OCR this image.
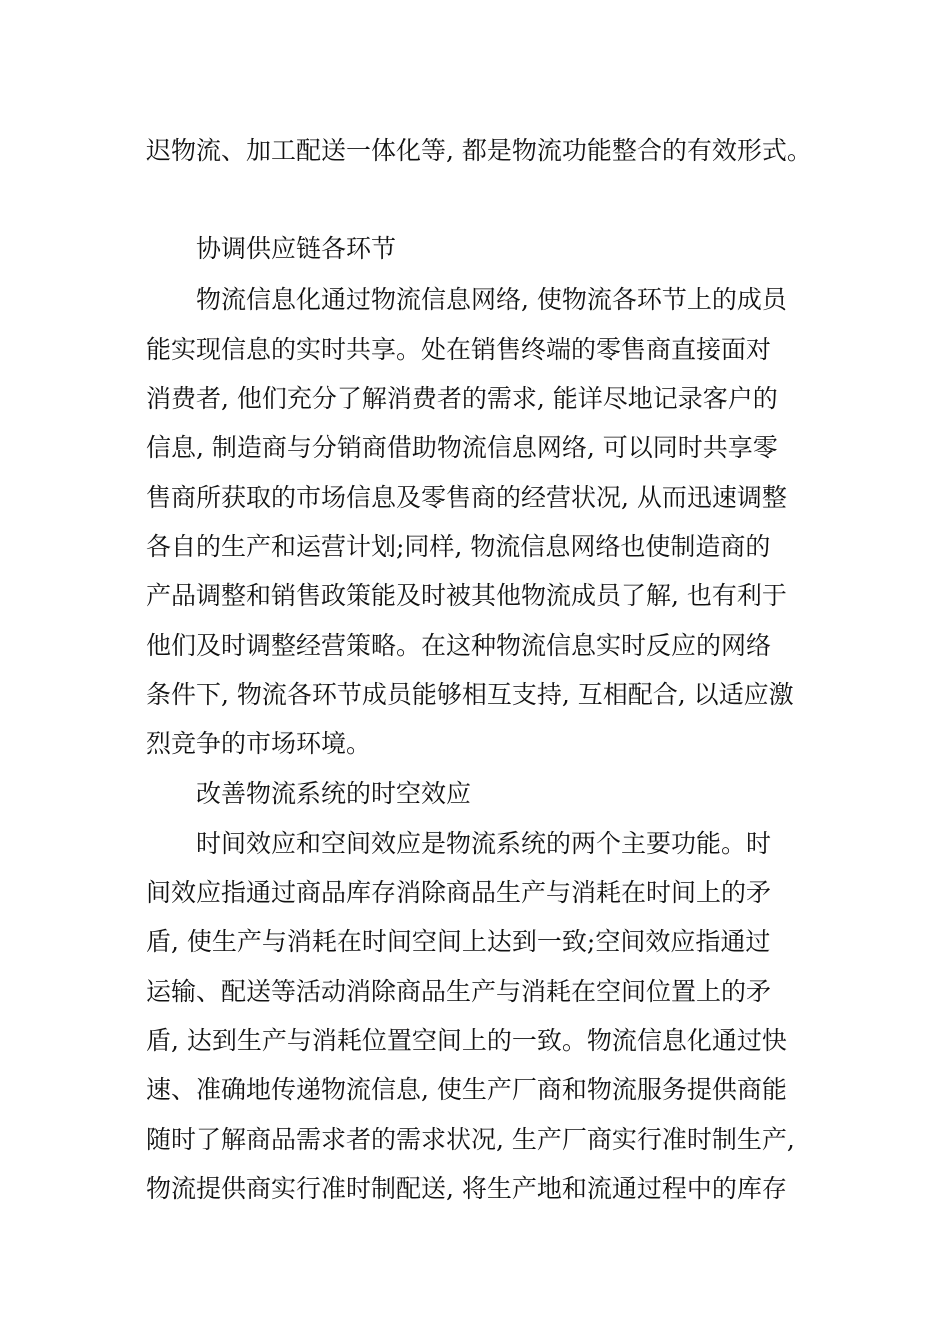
迟物流、加工配送一体化等, 都是物流功能整合的有效形式。
协调供应链各环节
物流信息化通过物流信息网络, 使物流各环节上的成员
能实现信息的实时共享。处在销售终端的零售商直接面对
消费者, 他们充分了解消费者的需求, 能详尽地记录客户的
信息, 制造商与分销商借助物流信息网络, 可以同时共享零
售商所获取的市场信息及零售商的经营状况, 从而迅速调整
各自的生产和运营计划;同样, 物流信息网络也使制造商的
产品调整和销售政策能及时被其他物流成员了解, 也有利于
他们及时调整经营策略。在这种物流信息实时反应的网络
条件下, 物流各环节成员能够相互支持, 互相配合, 以适应激
烈竞争的市场环境。
改善物流系统的时空效应
时间效应和空间效应是物流系统的两个主要功能。时
间效应指通过商品库存消除商品生产与消耗在时间上的矛
盾, 使生产与消耗在时间空间上达到一致;空间效应指通过
运输、配送等活动消除商品生产与消耗在空间位置上的矛
盾, 达到生产与消耗位置空间上的一致。物流信息化通过快
速、准确地传递物流信息, 使生产厂商和物流服务提供商能
随时了解商品需求者的需求状况, 生产厂商实行准时制生产,
物流提供商实行准时制配送, 将生产地和流通过程中的库存
